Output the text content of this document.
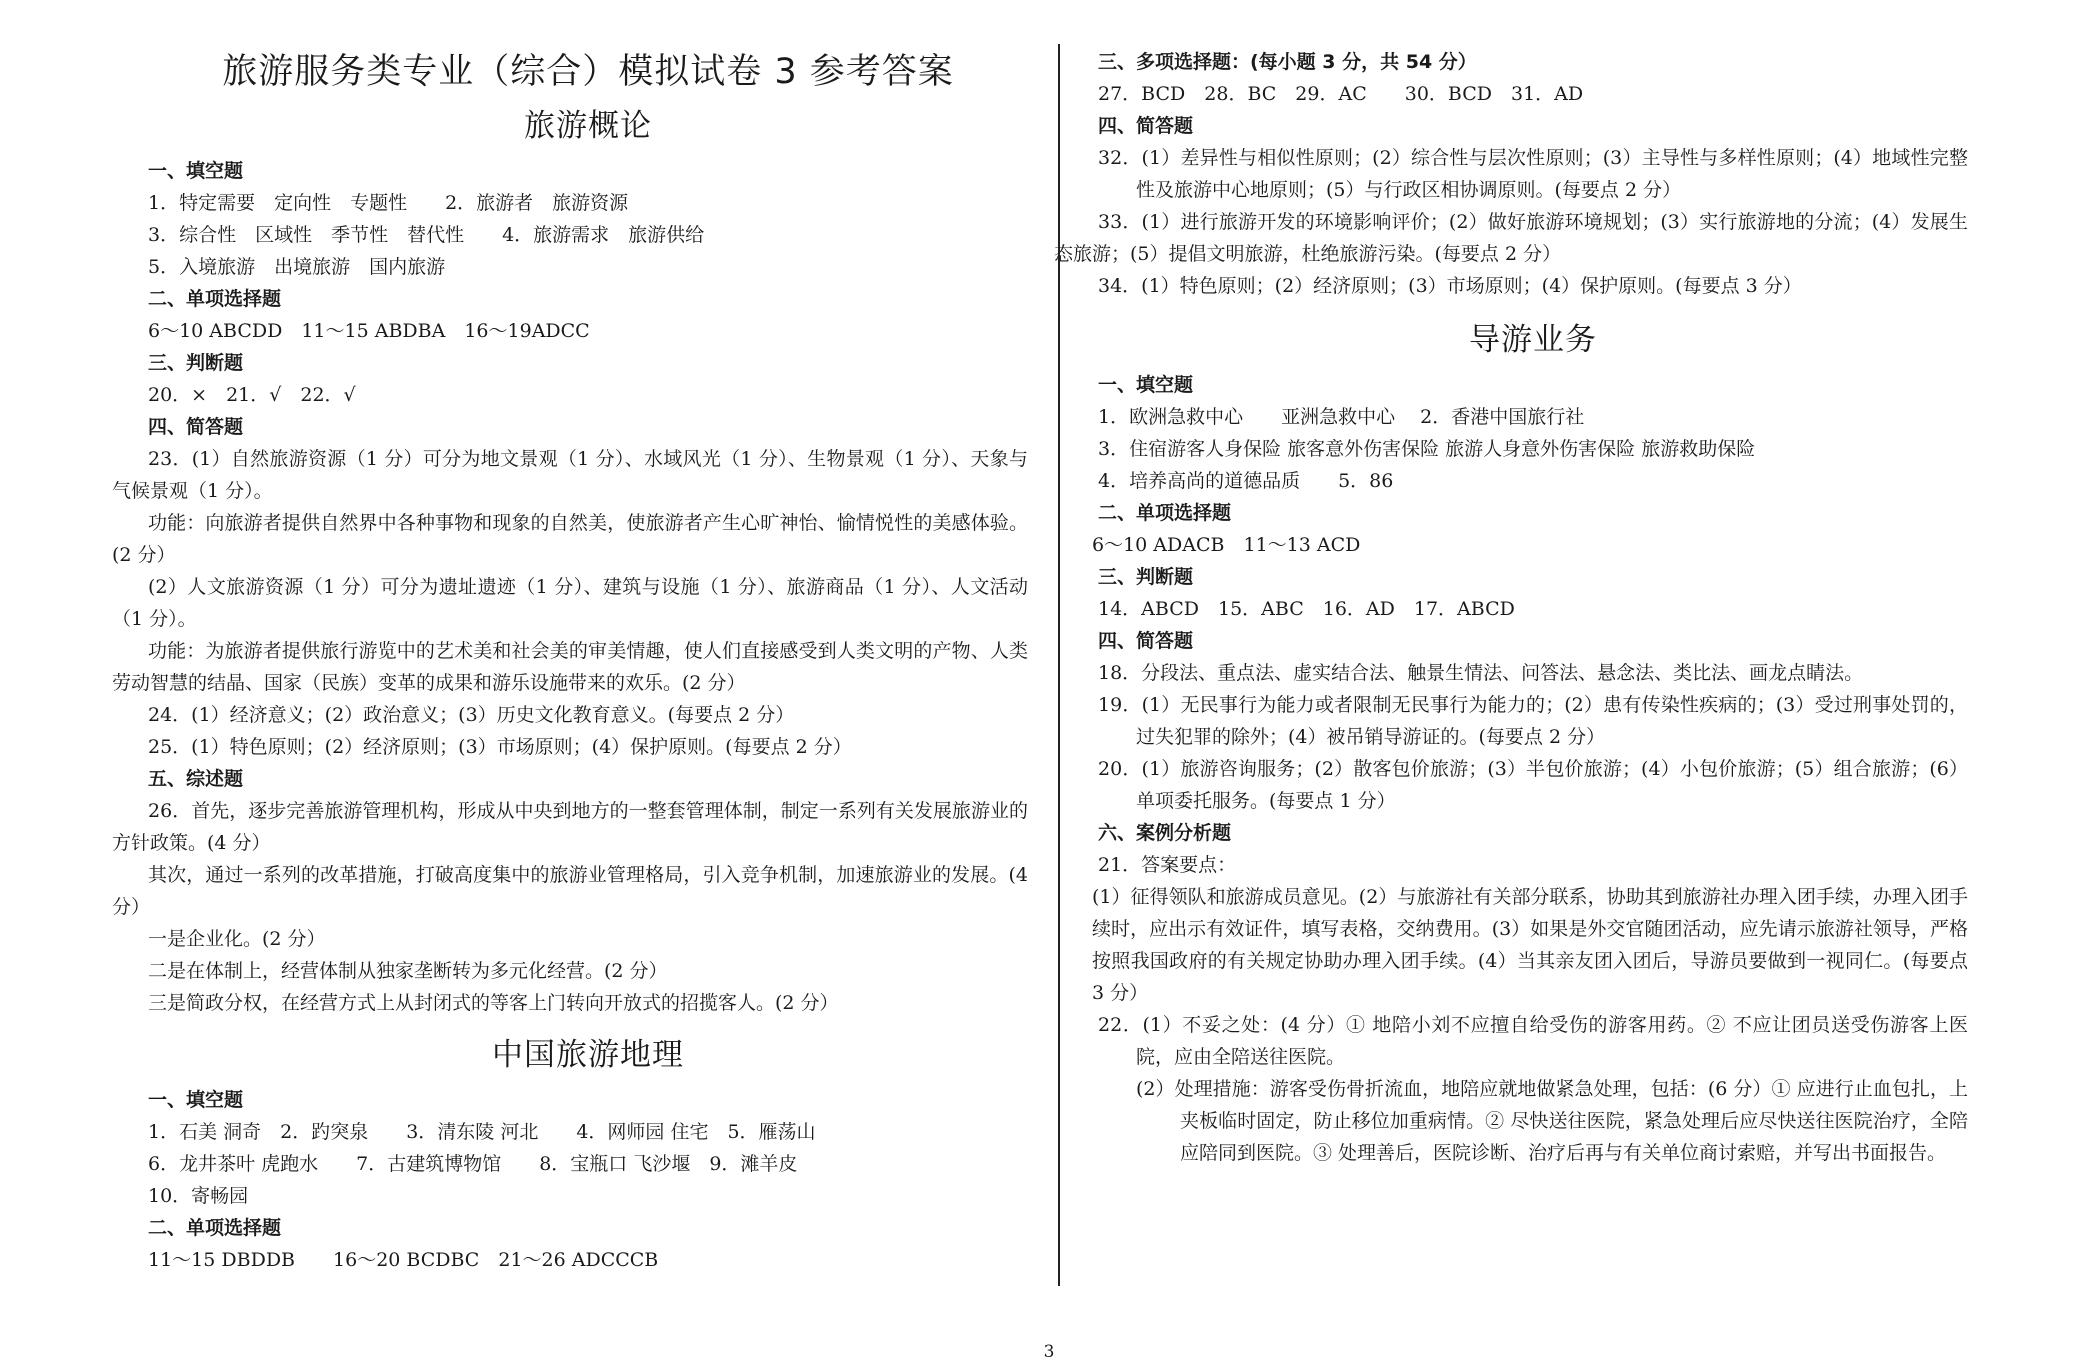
旅游服务类专业（综合）模拟试卷 3 参考答案
旅游概论
一、填空题
1．特定需要　定向性　专题性　　2．旅游者　旅游资源
3．综合性　区域性　季节性　替代性　　4．旅游需求　旅游供给
5．入境旅游　出境旅游　国内旅游
二、单项选择题
6～10 ABCDD　11～15 ABDBA　16～19ADCC
三、判断题
20．×　21．√　22．√
四、简答题
23．(1）自然旅游资源（1 分）可分为地文景观（1 分）、水域风光（1 分）、生物景观（1 分）、天象与气候景观（1 分）。
功能：向旅游者提供自然界中各种事物和现象的自然美，使旅游者产生心旷神怡、愉情悦性的美感体验。(2 分）
(2）人文旅游资源（1 分）可分为遗址遗迹（1 分）、建筑与设施（1 分）、旅游商品（1 分）、人文活动（1 分）。
功能：为旅游者提供旅行游览中的艺术美和社会美的审美情趣，使人们直接感受到人类文明的产物、人类劳动智慧的结晶、国家（民族）变革的成果和游乐设施带来的欢乐。(2 分）
24．(1）经济意义；(2）政治意义；(3）历史文化教育意义。(每要点 2 分）
25．(1）特色原则；(2）经济原则；(3）市场原则；(4）保护原则。(每要点 2 分）
五、综述题
26．首先，逐步完善旅游管理机构，形成从中央到地方的一整套管理体制，制定一系列有关发展旅游业的方针政策。(4 分）
其次，通过一系列的改革措施，打破高度集中的旅游业管理格局，引入竞争机制，加速旅游业的发展。(4 分）
一是企业化。(2 分）
二是在体制上，经营体制从独家垄断转为多元化经营。(2 分）
三是简政分权，在经营方式上从封闭式的等客上门转向开放式的招揽客人。(2 分）
中国旅游地理
一、填空题
1．石美 洞奇　2．趵突泉　　3．清东陵 河北　　4．网师园 住宅　5．雁荡山
6．龙井茶叶 虎跑水　　7．古建筑博物馆　　8．宝瓶口 飞沙堰　9．滩羊皮
10．寄畅园
二、单项选择题
11～15 DBDDB　　16～20 BCDBC　21～26 ADCCCB
三、多项选择题：(每小题 3 分，共 54 分）
27．BCD　28．BC　29．AC　　30．BCD　31．AD
四、简答题
32．(1）差异性与相似性原则；(2）综合性与层次性原则；(3）主导性与多样性原则；(4）地域性完整性及旅游中心地原则；(5）与行政区相协调原则。(每要点 2 分）
33．(1）进行旅游开发的环境影响评价；(2）做好旅游环境规划；(3）实行旅游地的分流；(4）发展生态旅游；(5）提倡文明旅游，杜绝旅游污染。(每要点 2 分）
34．(1）特色原则；(2）经济原则；(3）市场原则；(4）保护原则。(每要点 3 分）
导游业务
一、填空题
1．欧洲急救中心　　亚洲急救中心　 2．香港中国旅行社
3．住宿游客人身保险 旅客意外伤害保险 旅游人身意外伤害保险 旅游救助保险
4．培养高尚的道德品质　　5．86
二、单项选择题
6～10 ADACB　11～13 ACD
三、判断题
14．ABCD　15．ABC　16．AD　17．ABCD
四、简答题
18．分段法、重点法、虚实结合法、触景生情法、问答法、悬念法、类比法、画龙点睛法。
19．(1）无民事行为能力或者限制无民事行为能力的；(2）患有传染性疾病的；(3）受过刑事处罚的，过失犯罪的除外；(4）被吊销导游证的。(每要点 2 分）
20．(1）旅游咨询服务；(2）散客包价旅游；(3）半包价旅游；(4）小包价旅游；(5）组合旅游；(6）单项委托服务。(每要点 1 分）
六、案例分析题
21．答案要点：
(1）征得领队和旅游成员意见。(2）与旅游社有关部分联系，协助其到旅游社办理入团手续，办理入团手续时，应出示有效证件，填写表格，交纳费用。(3）如果是外交官随团活动，应先请示旅游社领导，严格按照我国政府的有关规定协助办理入团手续。(4）当其亲友团入团后，导游员要做到一视同仁。(每要点 3 分）
22．(1）不妥之处：(4 分）① 地陪小刘不应擅自给受伤的游客用药。② 不应让团员送受伤游客上医院，应由全陪送往医院。
(2）处理措施：游客受伤骨折流血，地陪应就地做紧急处理，包括：(6 分）① 应进行止血包扎，上夹板临时固定，防止移位加重病情。② 尽快送往医院，紧急处理后应尽快送往医院治疗，全陪应陪同到医院。③ 处理善后，医院诊断、治疗后再与有关单位商讨索赔，并写出书面报告。
3
